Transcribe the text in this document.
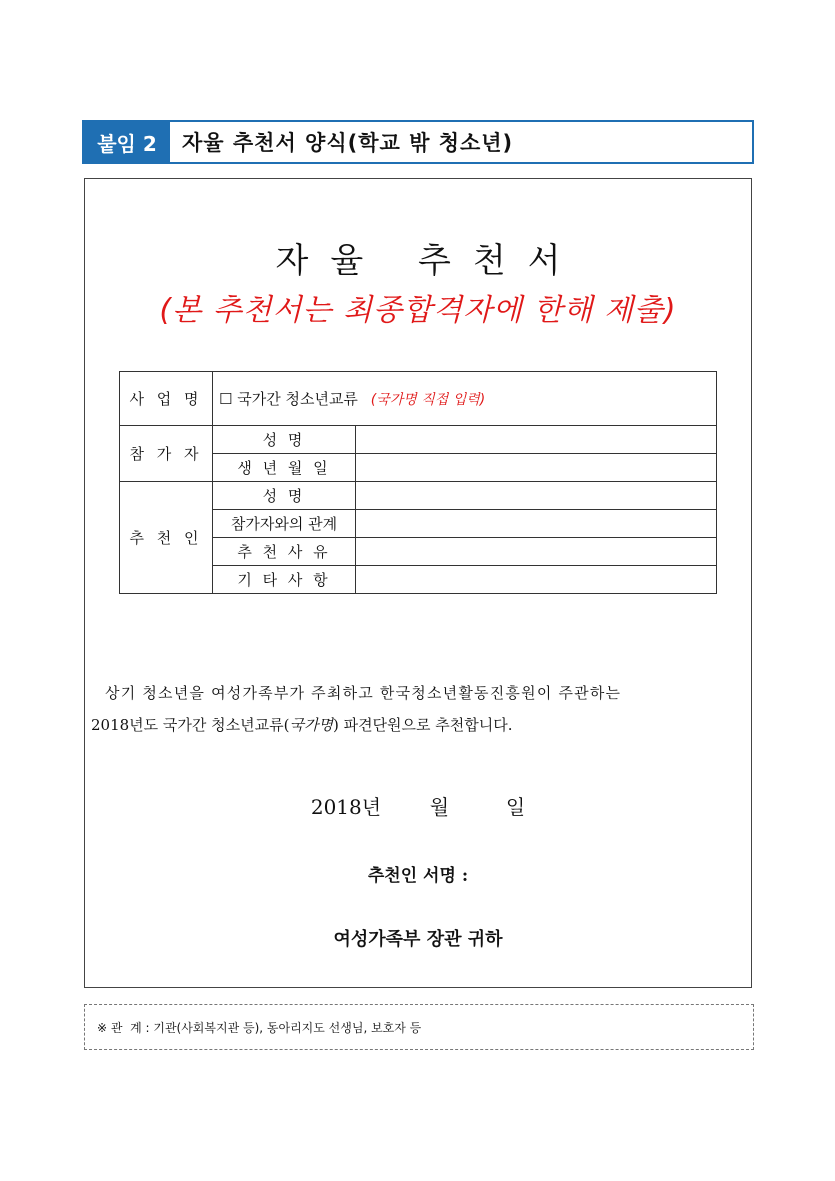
붙임 2	자율 추천서 양식(학교 밖 청소년)
자율 추천서
(본 추천서는 최종합격자에 한해 제출)
사 업 명	☐ 국가간 청소년교류 (국가명 직접 입력)	
참 가 자	성 명	
	생 년 월 일	
추 천 인	성 명	
	참가자와의 관계	
	추 천 사 유	
	기 타 사 항	
상기 청소년을 여성가족부가 주최하고 한국청소년활동진흥원이 주관하는
2018년도 국가간 청소년교류(국가명) 파견단원으로 추천합니다.
2018년 월	일
추천인 서명 :
여성가족부 장관 귀하
※ 관  계 : 기관(사회복지관 등), 동아리지도 선생님, 보호자 등
